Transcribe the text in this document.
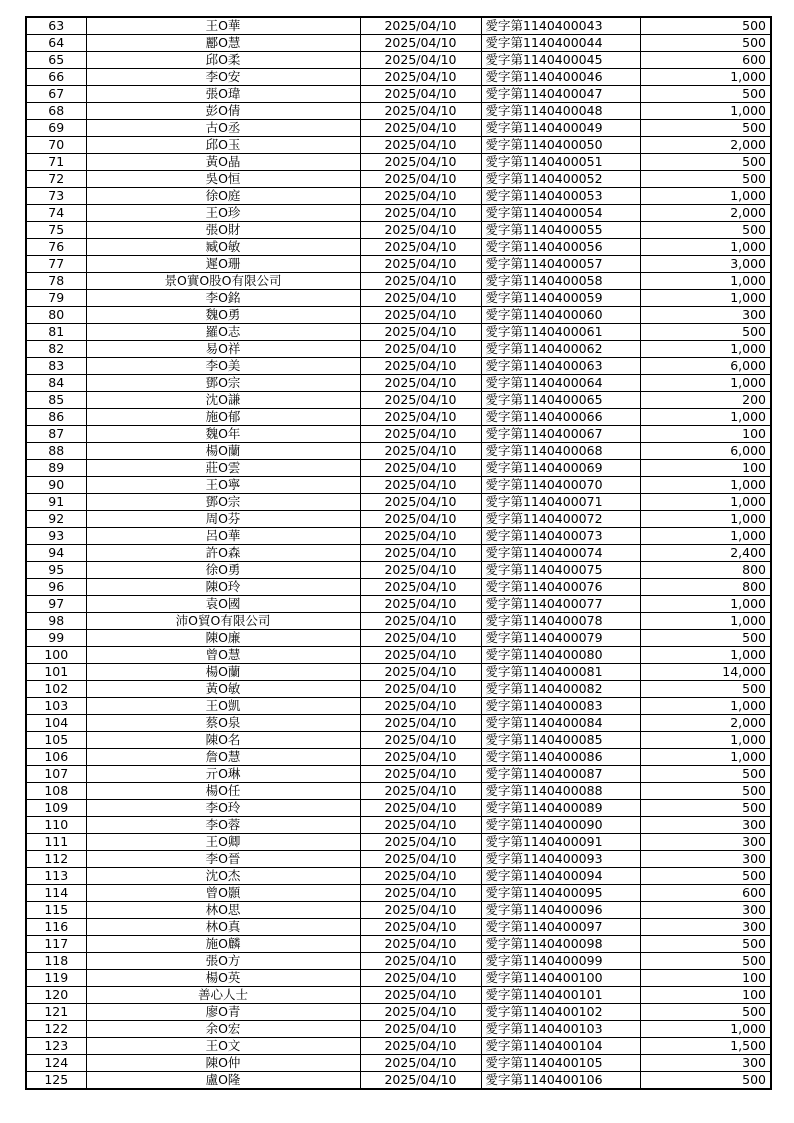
63	王O華	2025/04/10	愛字第1140400043	500
64	酈O慧	2025/04/10	愛字第1140400044	500
65	邱O柔	2025/04/10	愛字第1140400045	600
66	李O安	2025/04/10	愛字第1140400046	1,000
67	張O瑋	2025/04/10	愛字第1140400047	500
68	彭O倩	2025/04/10	愛字第1140400048	1,000
69	古O丞	2025/04/10	愛字第1140400049	500
70	邱O玉	2025/04/10	愛字第1140400050	2,000
71	黃O晶	2025/04/10	愛字第1140400051	500
72	吳O恒	2025/04/10	愛字第1140400052	500
73	徐O庭	2025/04/10	愛字第1140400053	1,000
74	王O珍	2025/04/10	愛字第1140400054	2,000
75	張O財	2025/04/10	愛字第1140400055	500
76	臧O敏	2025/04/10	愛字第1140400056	1,000
77	遲O珊	2025/04/10	愛字第1140400057	3,000
78	景O實O股O有限公司	2025/04/10	愛字第1140400058	1,000
79	李O銘	2025/04/10	愛字第1140400059	1,000
80	魏O勇	2025/04/10	愛字第1140400060	300
81	羅O志	2025/04/10	愛字第1140400061	500
82	易O祥	2025/04/10	愛字第1140400062	1,000
83	李O美	2025/04/10	愛字第1140400063	6,000
84	鄧O宗	2025/04/10	愛字第1140400064	1,000
85	沈O謙	2025/04/10	愛字第1140400065	200
86	施O郁	2025/04/10	愛字第1140400066	1,000
87	魏O年	2025/04/10	愛字第1140400067	100
88	楊O蘭	2025/04/10	愛字第1140400068	6,000
89	莊O雲	2025/04/10	愛字第1140400069	100
90	王O寧	2025/04/10	愛字第1140400070	1,000
91	鄧O宗	2025/04/10	愛字第1140400071	1,000
92	周O芬	2025/04/10	愛字第1140400072	1,000
93	呂O華	2025/04/10	愛字第1140400073	1,000
94	許O森	2025/04/10	愛字第1140400074	2,400
95	徐O勇	2025/04/10	愛字第1140400075	800
96	陳O玲	2025/04/10	愛字第1140400076	800
97	袁O國	2025/04/10	愛字第1140400077	1,000
98	沛O貿O有限公司	2025/04/10	愛字第1140400078	1,000
99	陳O廉	2025/04/10	愛字第1140400079	500
100	曾O慧	2025/04/10	愛字第1140400080	1,000
101	楊O蘭	2025/04/10	愛字第1140400081	14,000
102	黃O敏	2025/04/10	愛字第1140400082	500
103	王O凱	2025/04/10	愛字第1140400083	1,000
104	蔡O泉	2025/04/10	愛字第1140400084	2,000
105	陳O名	2025/04/10	愛字第1140400085	1,000
106	詹O慧	2025/04/10	愛字第1140400086	1,000
107	亓O琳	2025/04/10	愛字第1140400087	500
108	楊O任	2025/04/10	愛字第1140400088	500
109	李O玲	2025/04/10	愛字第1140400089	500
110	李O蓉	2025/04/10	愛字第1140400090	300
111	王O卿	2025/04/10	愛字第1140400091	300
112	李O晉	2025/04/10	愛字第1140400093	300
113	沈O杰	2025/04/10	愛字第1140400094	500
114	曾O顥	2025/04/10	愛字第1140400095	600
115	林O思	2025/04/10	愛字第1140400096	300
116	林O真	2025/04/10	愛字第1140400097	300
117	施O麟	2025/04/10	愛字第1140400098	500
118	張O方	2025/04/10	愛字第1140400099	500
119	楊O英	2025/04/10	愛字第1140400100	100
120	善心人士	2025/04/10	愛字第1140400101	100
121	廖O青	2025/04/10	愛字第1140400102	500
122	余O宏	2025/04/10	愛字第1140400103	1,000
123	王O文	2025/04/10	愛字第1140400104	1,500
124	陳O仲	2025/04/10	愛字第1140400105	300
125	盧O隆	2025/04/10	愛字第1140400106	500
